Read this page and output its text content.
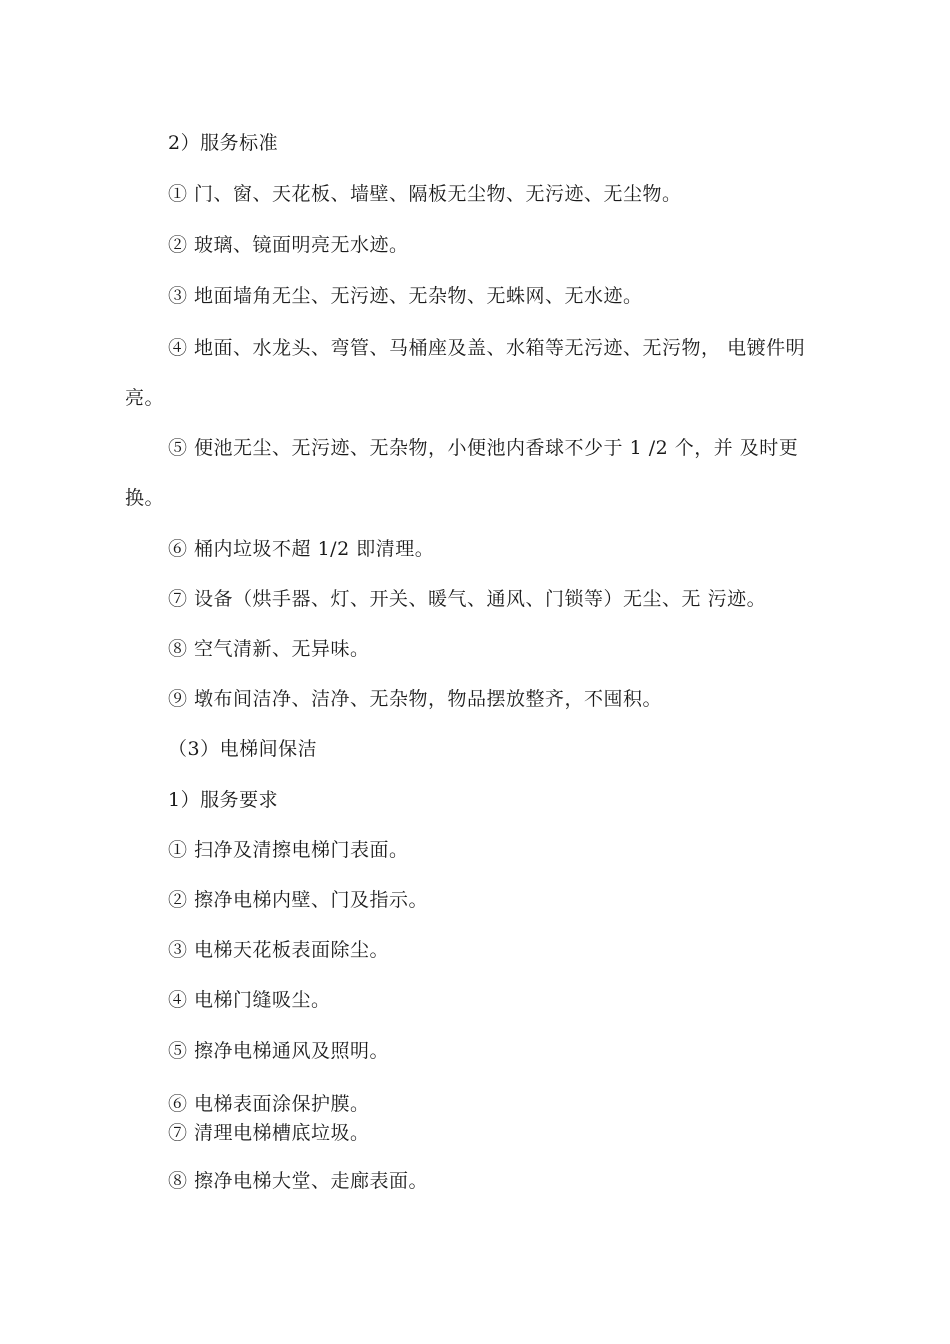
2）服务标准
① 门、窗、天花板、墙壁、隔板无尘物、无污迹、无尘物。
② 玻璃、镜面明亮无水迹。
③ 地面墙角无尘、无污迹、无杂物、无蛛网、无水迹。
④ 地面、水龙头、弯管、马桶座及盖、水箱等无污迹、无污物， 电镀件明
亮。
⑤ 便池无尘、无污迹、无杂物，小便池内香球不少于 1 /2 个，并 及时更
换。
⑥ 桶内垃圾不超 1/2 即清理。
⑦ 设备（烘手器、灯、开关、暖气、通风、门锁等）无尘、无 污迹。
⑧ 空气清新、无异味。
⑨ 墩布间洁净、洁净、无杂物，物品摆放整齐，不囤积。
（3）电梯间保洁
1）服务要求
① 扫净及清擦电梯门表面。
② 擦净电梯内壁、门及指示。
③ 电梯天花板表面除尘。
④ 电梯门缝吸尘。
⑤ 擦净电梯通风及照明。
⑥ 电梯表面涂保护膜。
⑦ 清理电梯槽底垃圾。
⑧ 擦净电梯大堂、走廊表面。
